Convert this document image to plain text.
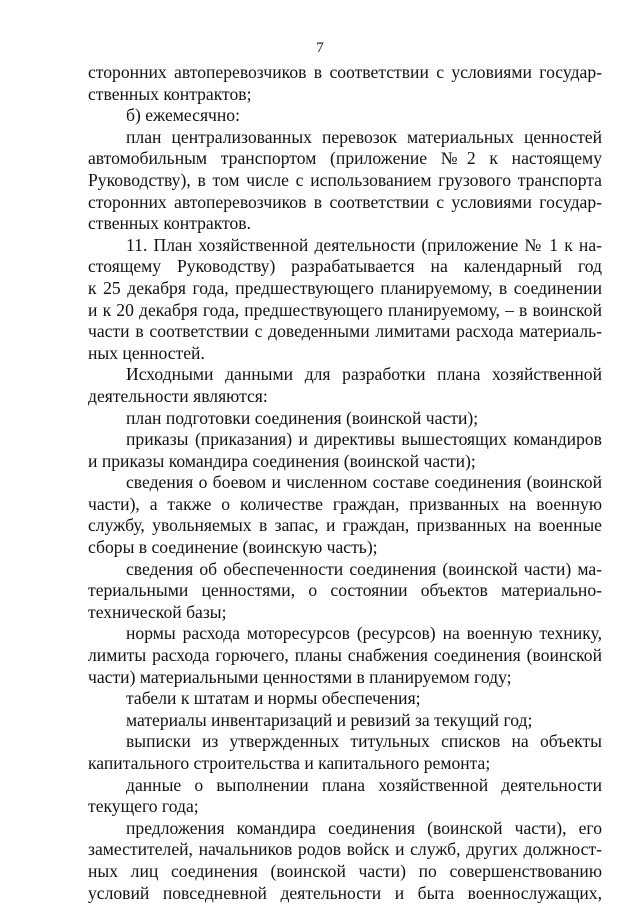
7
сторонних автоперевозчиков в соответствии с условиями государ-
ственных контрактов;
б) ежемесячно:
план централизованных перевозок материальных ценностей
автомобильным транспортом (приложение №2 к настоящему
Руководству), в том числе с использованием грузового транспорта
сторонних автоперевозчиков в соответствии с условиями государ-
ственных контрактов.
11. План хозяйственной деятельности (приложение № 1 к на-
стоящему Руководству) разрабатывается на календарный год
к 25 декабря года, предшествующего планируемому, в соединении
и к 20 декабря года, предшествующего планируемому, – в воинской
части в соответствии с доведенными лимитами расхода материаль-
ных ценностей.
Исходными данными для разработки плана хозяйственной
деятельности являются:
план подготовки соединения (воинской части);
приказы (приказания) и директивы вышестоящих командиров
и приказы командира соединения (воинской части);
сведения о боевом и численном составе соединения (воинской
части), а также о количестве граждан, призванных на военную
службу, увольняемых в запас, и граждан, призванных на военные
сборы в соединение (воинскую часть);
сведения об обеспеченности соединения (воинской части) ма-
териальными ценностями, о состоянии объектов материально-
технической базы;
нормы расхода моторесурсов (ресурсов) на военную технику,
лимиты расхода горючего, планы снабжения соединения (воинской
части) материальными ценностями в планируемом году;
табели к штатам и нормы обеспечения;
материалы инвентаризаций и ревизий за текущий год;
выписки из утвержденных титульных списков на объекты
капитального строительства и капитального ремонта;
данные о выполнении плана хозяйственной деятельности
текущего года;
предложения командира соединения (воинской части), его
заместителей, начальников родов войск и служб, других должност-
ных лиц соединения (воинской части) по совершенствованию
условий повседневной деятельности и быта военнослужащих,
